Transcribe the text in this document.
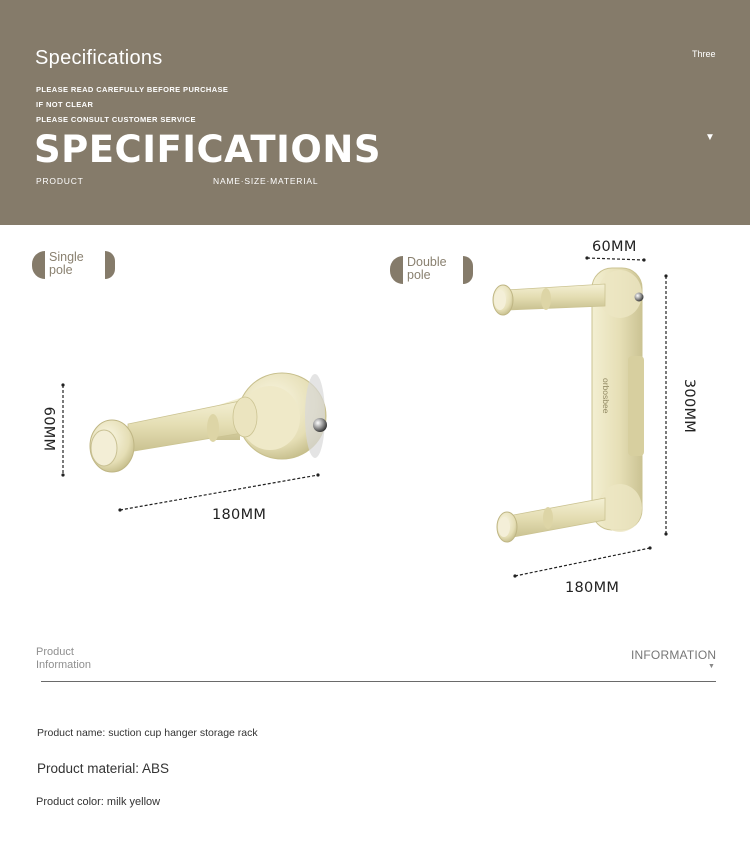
Specifications
PLEASE READ CAREFULLY BEFORE PURCHASE
IF NOT CLEAR
PLEASE CONSULT CUSTOMER SERVICE
SPECIFICATIONS
PRODUCT	NAME·SIZE·MATERIAL
Three
▼
Single
pole
Double
pole
orbosbee
60MM
180MM
60MM
300MM
180MM
Product
Information
INFORMATION
▼
Product name: suction cup hanger storage rack
Product material: ABS
Product color: milk yellow
